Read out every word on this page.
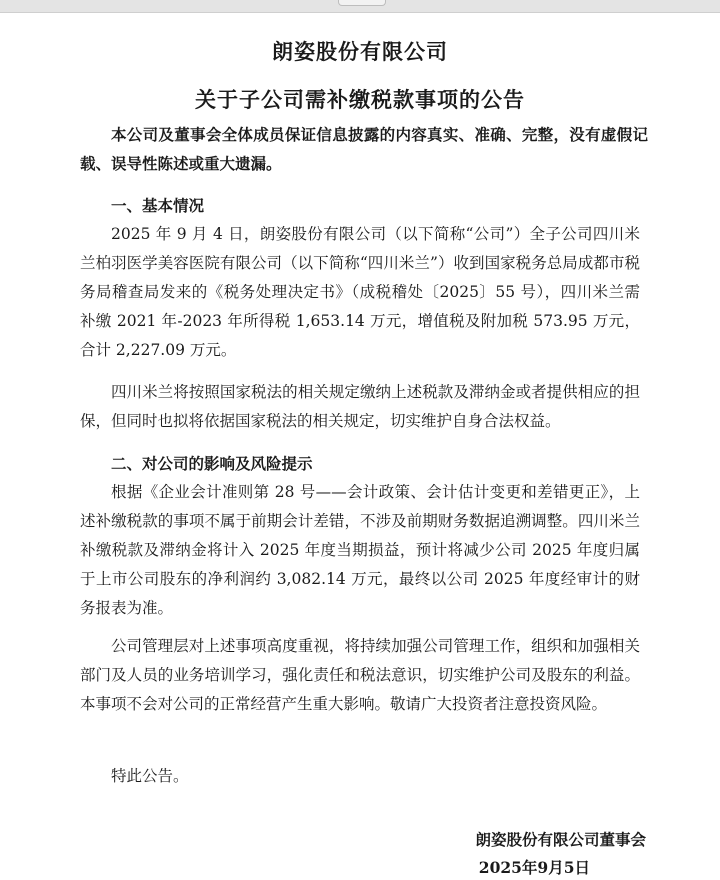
朗姿股份有限公司
关于子公司需补缴税款事项的公告
本公司及董事会全体成员保证信息披露的内容真实、准确、完整，没有虚假记载、误导性陈述或重大遗漏。
一、基本情况
2025 年 9 月 4 日，朗姿股份有限公司（以下简称“公司”）全子公司四川米兰柏羽医学美容医院有限公司（以下简称“四川米兰”）收到国家税务总局成都市税务局稽查局发来的《税务处理决定书》（成税稽处〔2025〕55 号），四川米兰需补缴 2021 年-2023 年所得税 1,653.14 万元，增值税及附加税 573.95 万元，合计 2,227.09 万元。
四川米兰将按照国家税法的相关规定缴纳上述税款及滞纳金或者提供相应的担保，但同时也拟将依据国家税法的相关规定，切实维护自身合法权益。
二、对公司的影响及风险提示
根据《企业会计准则第 28 号——会计政策、会计估计变更和差错更正》，上述补缴税款的事项不属于前期会计差错，不涉及前期财务数据追溯调整。四川米兰补缴税款及滞纳金将计入 2025 年度当期损益，预计将减少公司 2025 年度归属于上市公司股东的净利润约 3,082.14 万元，最终以公司 2025 年度经审计的财务报表为准。
公司管理层对上述事项高度重视，将持续加强公司管理工作，组织和加强相关部门及人员的业务培训学习，强化责任和税法意识，切实维护公司及股东的利益。本事项不会对公司的正常经营产生重大影响。敬请广大投资者注意投资风险。
特此公告。
朗姿股份有限公司董事会
2025年9月5日
